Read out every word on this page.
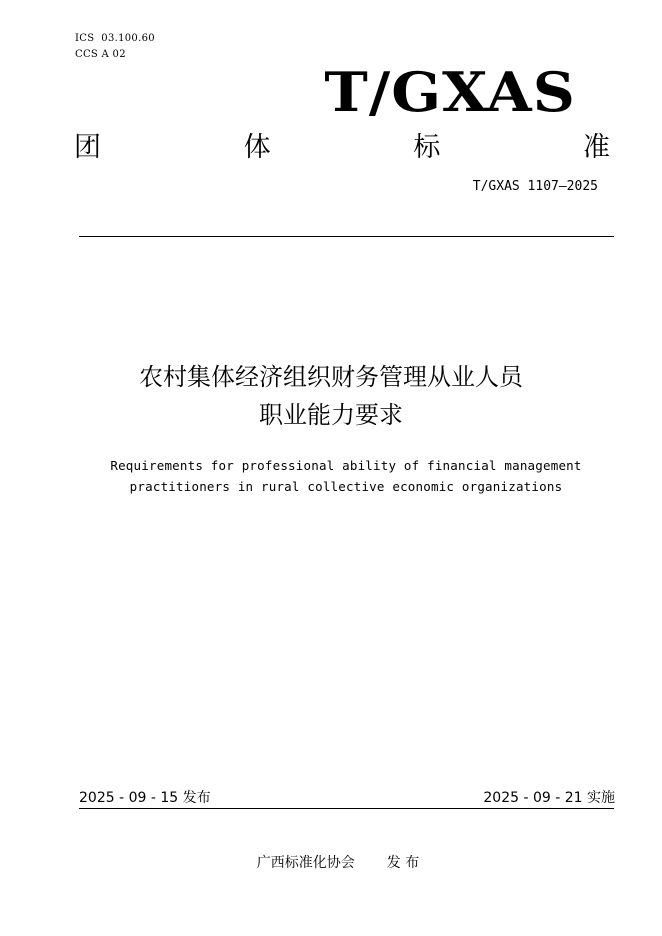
ICS  03.100.60
CCS A 02
T/GXAS
团	体	标	准
T/GXAS 1107—2025
农村集体经济组织财务管理从业人员
职业能力要求
Requirements for professional ability of financial management
practitioners in rural collective economic organizations
2025 - 09 - 15 发布	2025 - 09 - 21 实施
广西标准化协会 发 布
